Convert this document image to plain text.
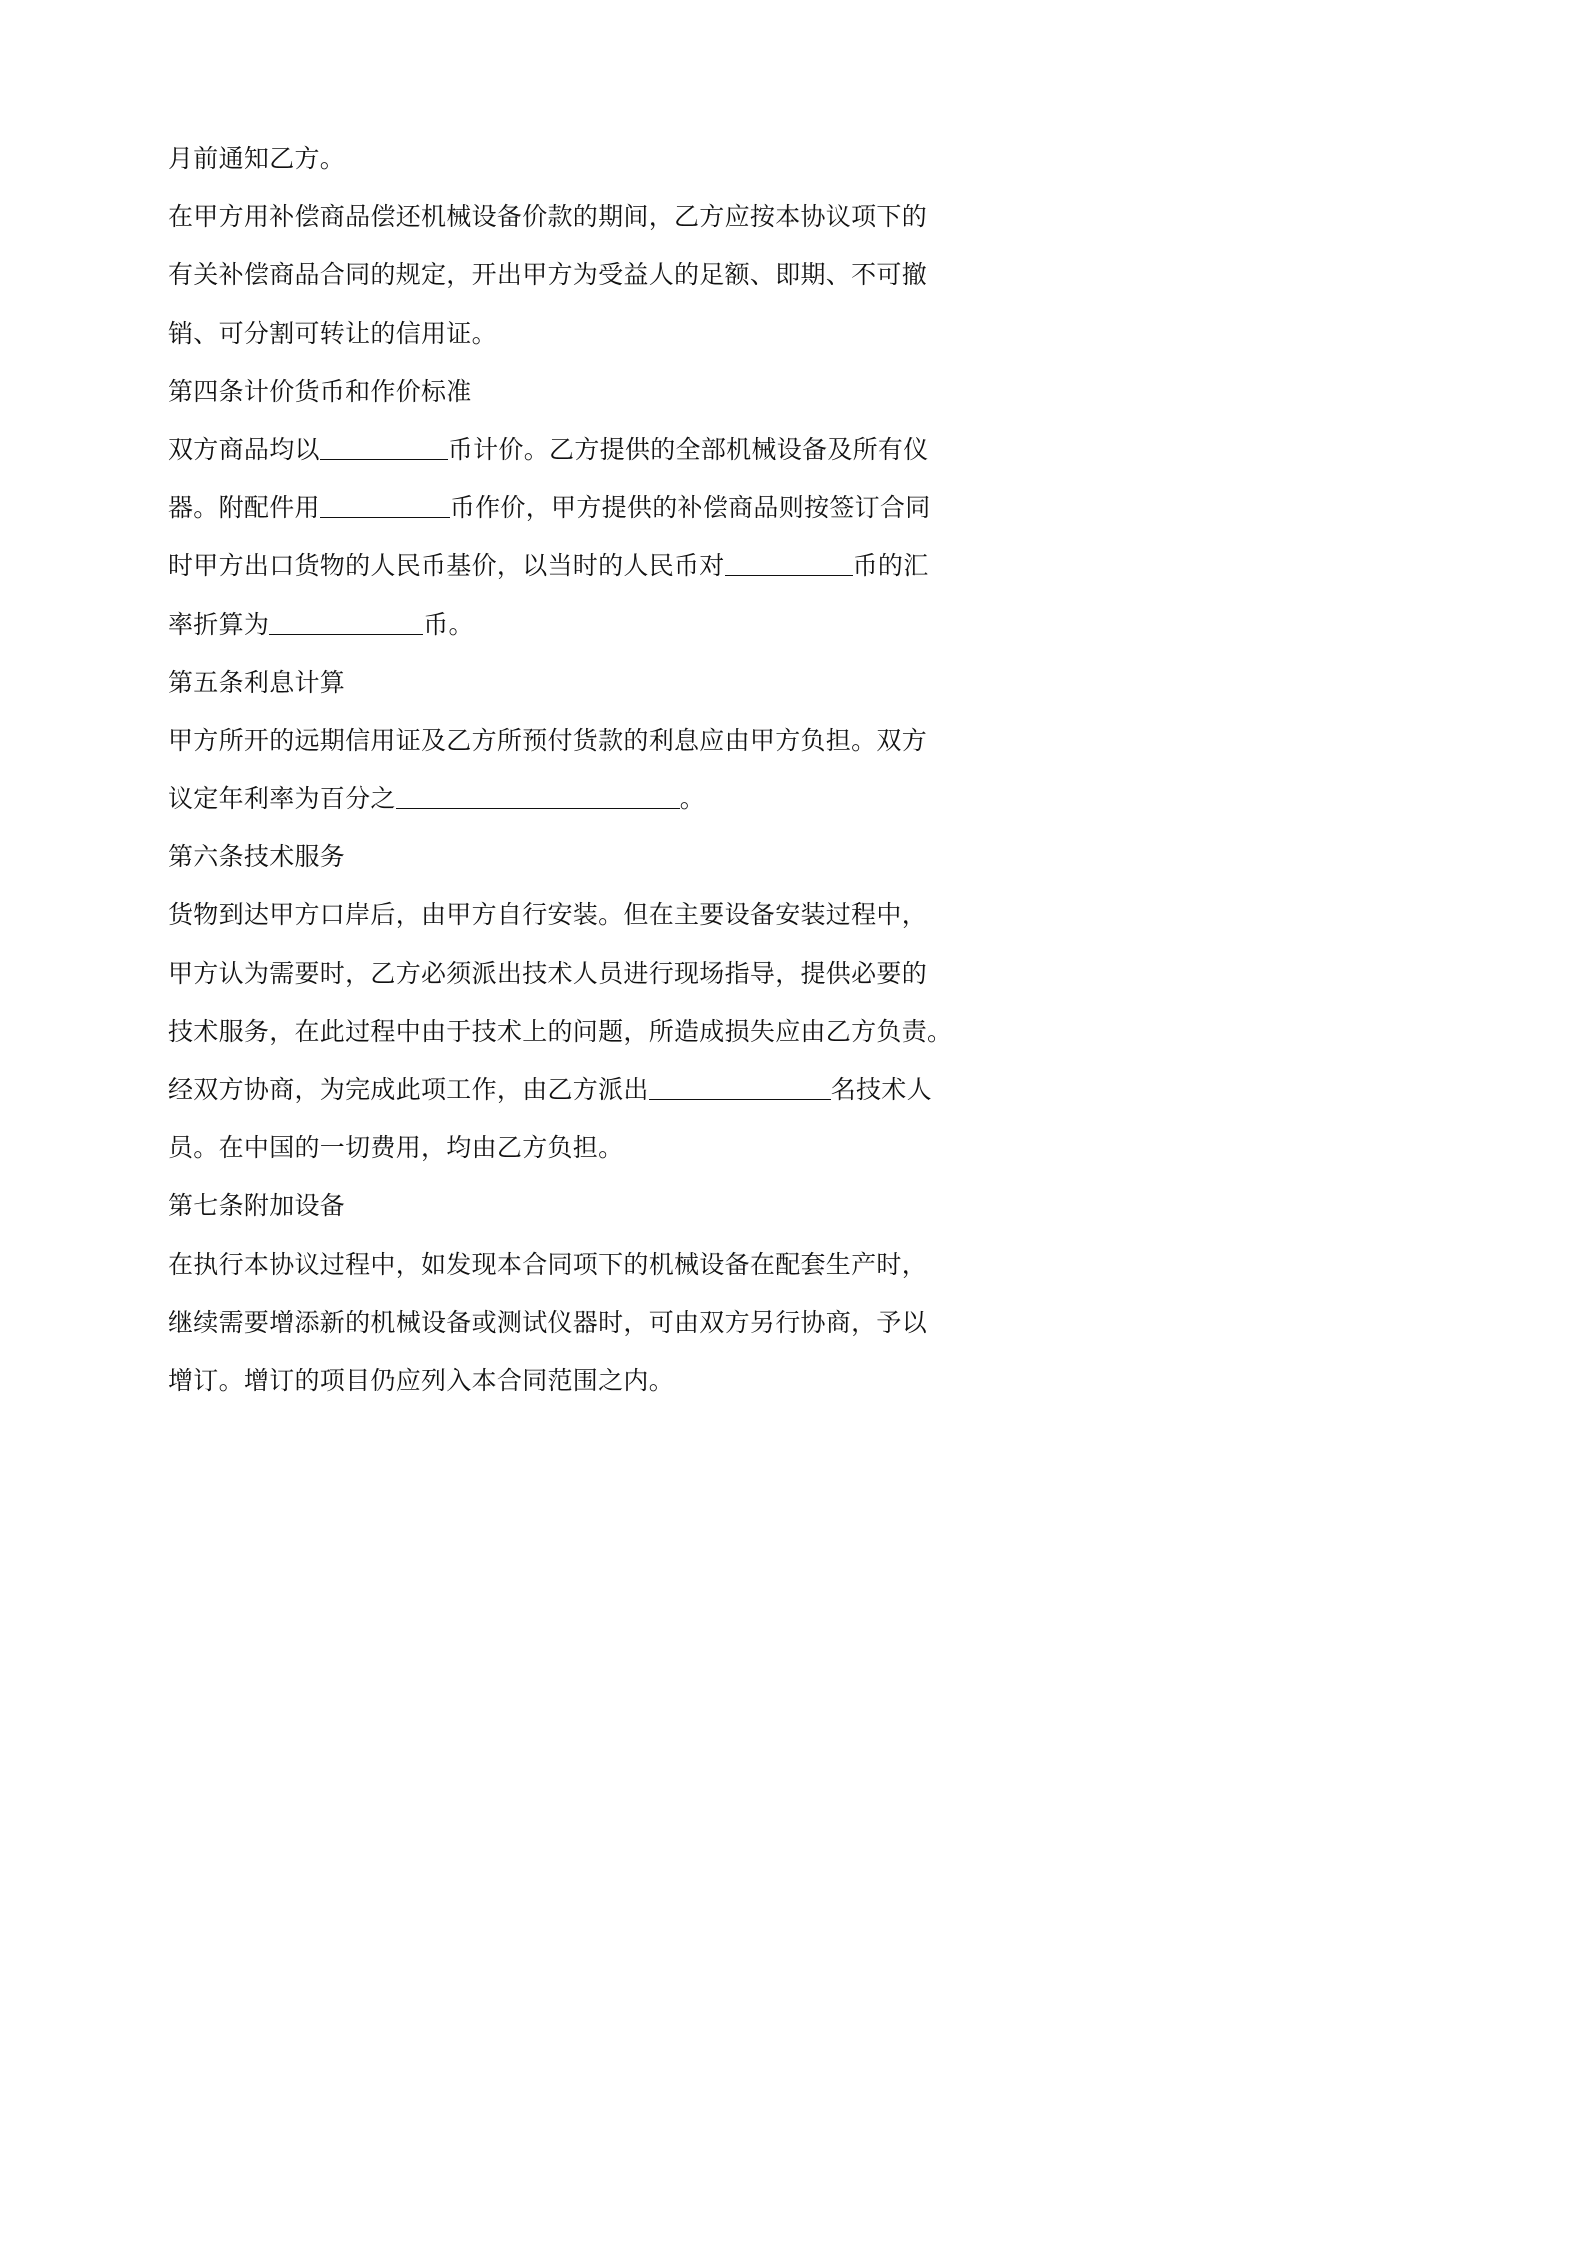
月前通知乙方。
在甲方用补偿商品偿还机械设备价款的期间，乙方应按本协议项下的
有关补偿商品合同的规定，开出甲方为受益人的足额、即期、不可撤
销、可分割可转让的信用证。
第四条计价货币和作价标准
双方商品均以	币计价。乙方提供的全部机械设备及所有仪
器。附配件用	币作价，甲方提供的补偿商品则按签订合同
时甲方出口货物的人民币基价，以当时的人民币对	币的汇
率折算为	币。
第五条利息计算
甲方所开的远期信用证及乙方所预付货款的利息应由甲方负担。双方
议定年利率为百分之	。
第六条技术服务
货物到达甲方口岸后，由甲方自行安装。但在主要设备安装过程中，
甲方认为需要时，乙方必须派出技术人员进行现场指导，提供必要的
技术服务，在此过程中由于技术上的问题，所造成损失应由乙方负责。
经双方协商，为完成此项工作，由乙方派出	名技术人
员。在中国的一切费用，均由乙方负担。
第七条附加设备
在执行本协议过程中，如发现本合同项下的机械设备在配套生产时，
继续需要增添新的机械设备或测试仪器时，可由双方另行协商，予以
增订。增订的项目仍应列入本合同范围之内。
